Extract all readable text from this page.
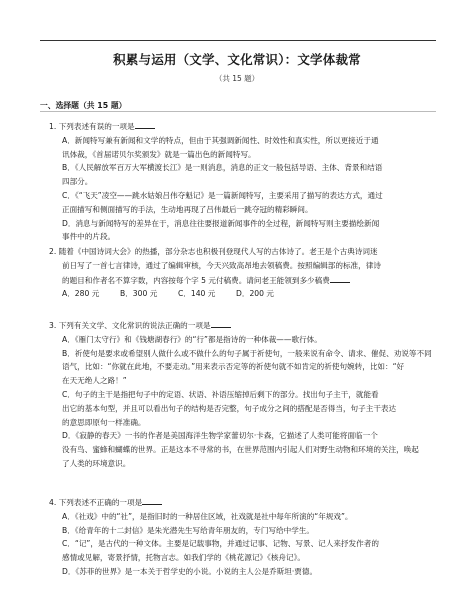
积累与运用（文学、文化常识）：文学体裁常
（共 15 题）
一、选择题（共 15 题）

1. 下列表述有误的一项是

A．新闻特写兼有新闻和文学的特点，但由于其强调新闻性、时效性和真实性，所以更接近于通

讯体裁，《首届诺贝尔奖颁发》就是一篇出色的新闻特写。

B．《人民解放军百万大军横渡长江》是一则消息，消息的正文一般包括导语、主体、背景和结语

四部分。

C．《“飞天”凌空——跳水姑娘吕伟夺魁记》是一篇新闻特写，主要采用了描写的表达方式，通过

正面描写和侧面描写的手法，生动地再现了吕伟最后一跳夺冠的精彩瞬间。

D．消息与新闻特写的差异在于，消息往往要报道新闻事件的全过程，新闻特写则主要描绘新闻

事件中的片段。

2. 随着《中国诗词大会》的热播，部分杂志也积极刊登现代人写的古体诗了。老王是个古典诗词迷

前日写了一首七言律诗，通过了编辑审核，今天兴致高昂地去领稿费。按照编辑部的标准，律诗

的题目和作者名不算字数，内容按每个字 5 元付稿费。请问老王能领到多少稿费

A．280 元	B．300 元	C．140 元	D．200 元

3. 下列有关文学、文化常识的说法正确的一项是

A．《雁门太守行》和《钱塘湖春行》的“行”都是指诗的一种体裁——歌行体。

B．祈使句是要求或希望别人做什么或不做什么的句子属于祈使句，一般来说有命令、请求、催促、劝说等不同

语气，比如：“你就在此地，不要走动。”用来表示否定等的祈使句就不如肯定的祈使句婉转，比如：“好

在天无绝人之路！”

C．句子的主干是指把句子中的定语、状语、补语压缩掉后剩下的部分。找出句子主干，就能看

出它的基本句型，并且可以看出句子的结构是否完整，句子成分之间的搭配是否得当，句子主干表达

的意思即原句一样准确。

D．《寂静的春天》一书的作者是美国海洋生物学家蕾切尔·卡森，它描述了人类可能将面临一个

没有鸟、蜜蜂和蝴蝶的世界。正是这本不寻常的书，在世界范围内引起人们对野生动物和环境的关注，唤起

了人类的环境意识。

4. 下列表述不正确的一项是

A．《社戏》中的“社”，是指旧时的一种居住区域，社戏就是社中每年所演的“年规戏”。

B．《给青年的十二封信》是朱光潜先生写给青年朋友的，专门写给中学生。

C．“记”，是古代的一种文体。主要是记载事物，并通过记事、记物、写景、记人来抒发作者的

感情或见解，寄景抒情，托物言志。如我们学的《桃花源记》《核舟记》。

D．《苏菲的世界》是一本关于哲学史的小说。小说的主人公是乔斯坦·贾德。
